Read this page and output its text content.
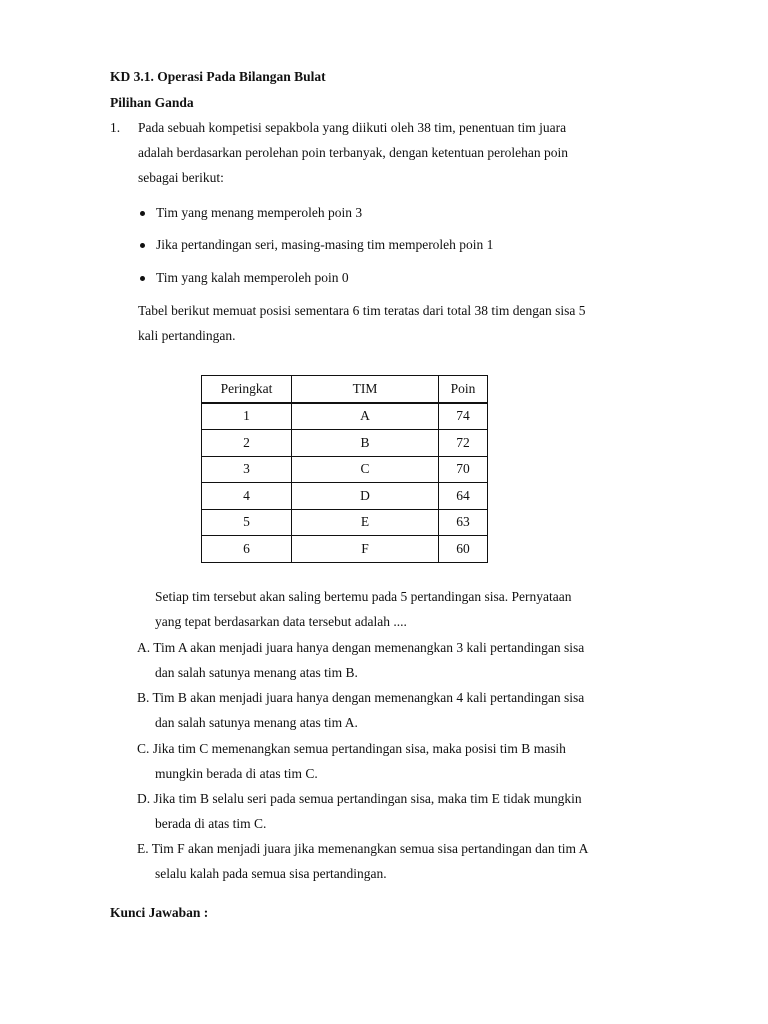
KD 3.1. Operasi Pada Bilangan Bulat
Pilihan Ganda
1. Pada sebuah kompetisi sepakbola yang diikuti oleh 38 tim, penentuan tim juara
adalah berdasarkan perolehan poin terbanyak, dengan ketentuan perolehan poin
sebagai berikut:
Tim yang menang memperoleh poin 3
Jika pertandingan seri, masing-masing tim memperoleh poin 1
Tim yang kalah memperoleh poin 0
Tabel berikut memuat posisi sementara 6 tim teratas dari total 38 tim dengan sisa 5
kali pertandingan.
Peringkat	TIM	Poin
1	A	74
2	B	72
3	C	70
4	D	64
5	E	63
6	F	60
Setiap tim tersebut akan saling bertemu pada 5 pertandingan sisa. Pernyataan
yang tepat berdasarkan data tersebut adalah ....
A. Tim A akan menjadi juara hanya dengan memenangkan 3 kali pertandingan sisa
dan salah satunya menang atas tim B.
B. Tim B akan menjadi juara hanya dengan memenangkan 4 kali pertandingan sisa
dan salah satunya menang atas tim A.
C. Jika tim C memenangkan semua pertandingan sisa, maka posisi tim B masih
mungkin berada di atas tim C.
D. Jika tim B selalu seri pada semua pertandingan sisa, maka tim E tidak mungkin
berada di atas tim C.
E. Tim F akan menjadi juara jika memenangkan semua sisa pertandingan dan tim A
selalu kalah pada semua sisa pertandingan.
Kunci Jawaban :
